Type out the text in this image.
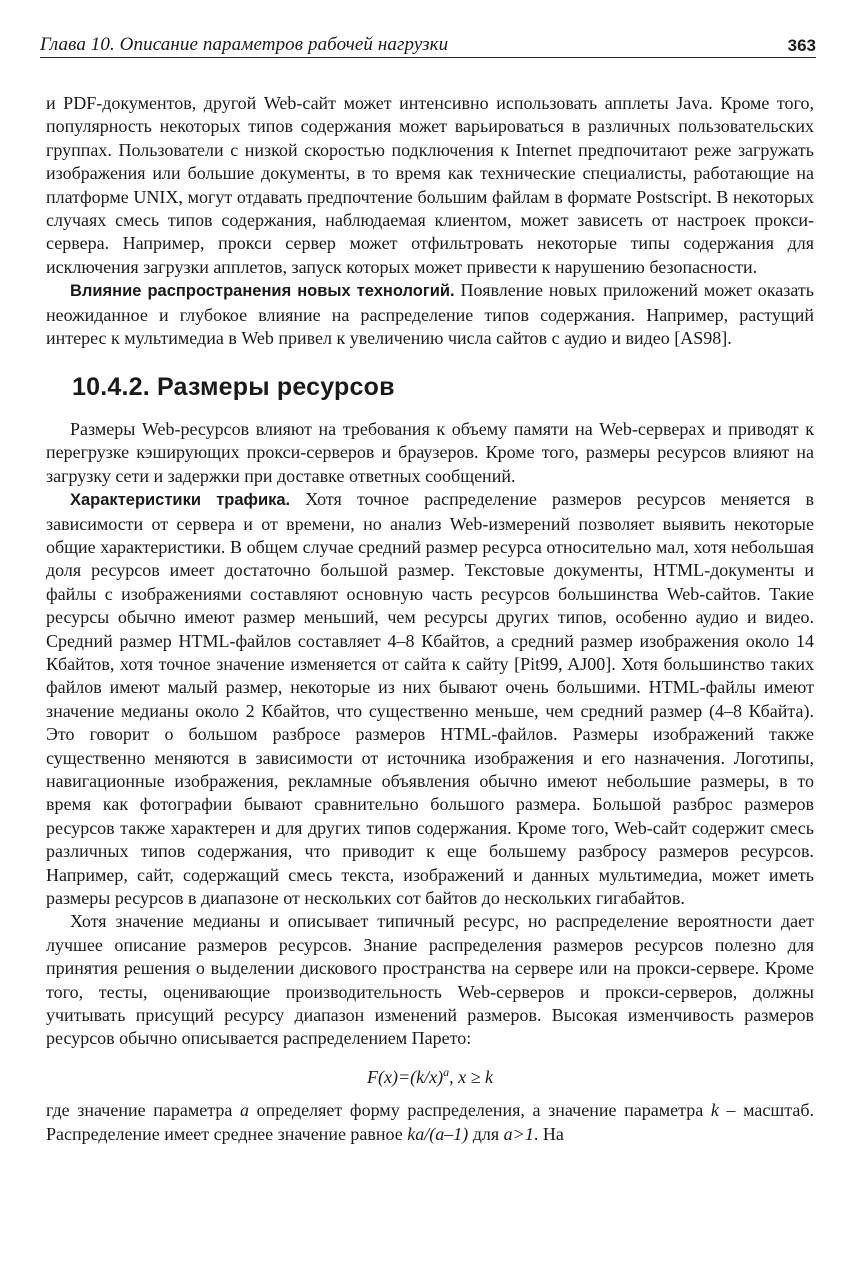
Глава 10. Описание параметров рабочей нагрузки	363

и PDF-документов, другой Web-сайт может интенсивно использовать апплеты Java. Кроме того, популярность некоторых типов содержания может варьироваться в различных пользовательских группах. Пользователи с низкой скоростью подключения к Internet предпочитают реже загружать изображения или большие документы, в то время как технические специалисты, работающие на платформе UNIX, могут отдавать предпочтение большим файлам в формате Postscript. В некоторых случаях смесь типов содержания, наблюдаемая клиентом, может зависеть от настроек прокси-сервера. Например, прокси сервер может отфильтровать некоторые типы содержания для исключения загрузки апплетов, запуск которых может привести к нарушению безопасности.

Влияние распространения новых технологий. Появление новых приложений может оказать неожиданное и глубокое влияние на распределение типов содержания. Например, растущий интерес к мультимедиа в Web привел к увеличению числа сайтов с аудио и видео [AS98].

10.4.2. Размеры ресурсов

Размеры Web-ресурсов влияют на требования к объему памяти на Web-серверах и приводят к перегрузке кэширующих прокси-серверов и браузеров. Кроме того, размеры ресурсов влияют на загрузку сети и задержки при доставке ответных сообщений.

Характеристики трафика. Хотя точное распределение размеров ресурсов меняется в зависимости от сервера и от времени, но анализ Web-измерений позволяет выявить некоторые общие характеристики. В общем случае средний размер ресурса относительно мал, хотя небольшая доля ресурсов имеет достаточно большой размер. Текстовые документы, HTML-документы и файлы с изображениями составляют основную часть ресурсов большинства Web-сайтов. Такие ресурсы обычно имеют размер меньший, чем ресурсы других типов, особенно аудио и видео. Средний размер HTML-файлов составляет 4–8 Кбайтов, а средний размер изображения около 14 Кбайтов, хотя точное значение изменяется от сайта к сайту [Pit99, AJ00]. Хотя большинство таких файлов имеют малый размер, некоторые из них бывают очень большими. HTML-файлы имеют значение медианы около 2 Кбайтов, что существенно меньше, чем средний размер (4–8 Кбайта). Это говорит о большом разбросе размеров HTML-файлов. Размеры изображений также существенно меняются в зависимости от источника изображения и его назначения. Логотипы, навигационные изображения, рекламные объявления обычно имеют небольшие размеры, в то время как фотографии бывают сравнительно большого размера. Большой разброс размеров ресурсов также характерен и для других типов содержания. Кроме того, Web-сайт содержит смесь различных типов содержания, что приводит к еще большему разбросу размеров ресурсов. Например, сайт, содержащий смесь текста, изображений и данных мультимедиа, может иметь размеры ресурсов в диапазоне от нескольких сот байтов до нескольких гигабайтов.

Хотя значение медианы и описывает типичный ресурс, но распределение вероятности дает лучшее описание размеров ресурсов. Знание распределения размеров ресурсов полезно для принятия решения о выделении дискового пространства на сервере или на прокси-сервере. Кроме того, тесты, оценивающие производительность Web-серверов и прокси-серверов, должны учитывать присущий ресурсу диапазон изменений размеров. Высокая изменчивость размеров ресурсов обычно описывается распределением Парето:

$F(x)=(k/x)^a$, x ≥ k

где значение параметра a определяет форму распределения, а значение параметра k – масштаб. Распределение имеет среднее значение равное ka/(a–1) для a>1. На
